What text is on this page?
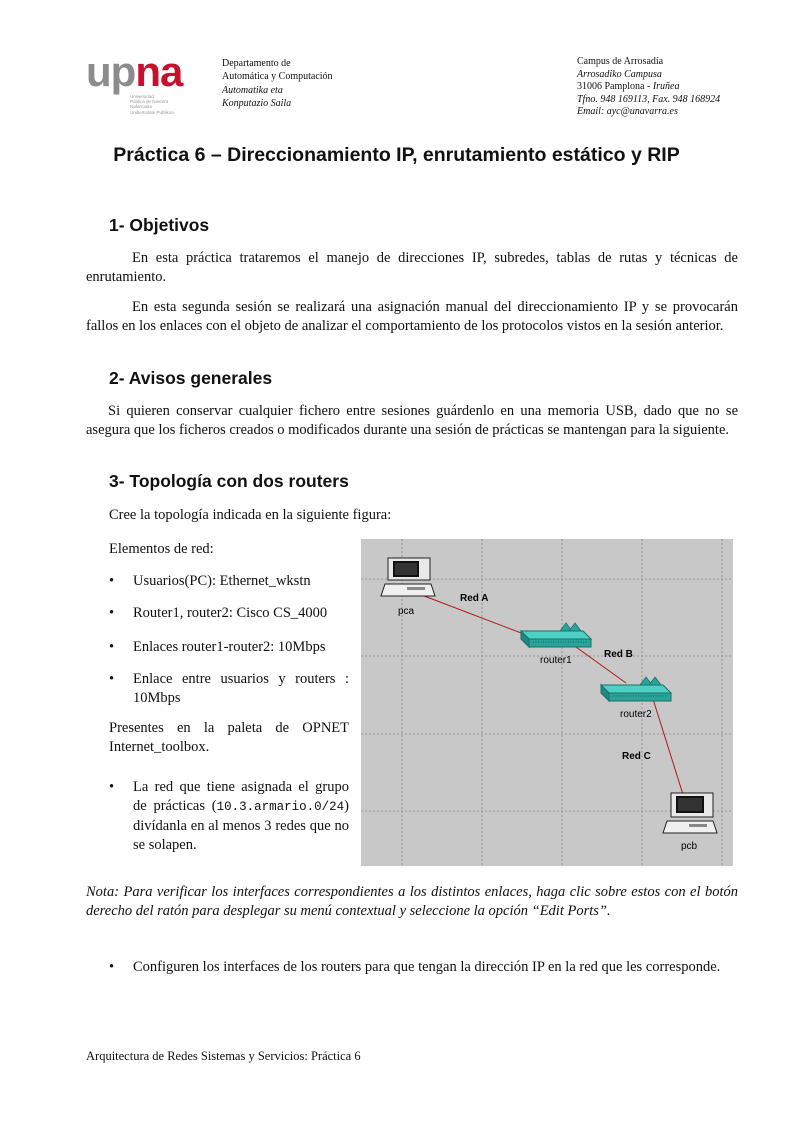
upna
Universidad
Pública de Navarra
Nafarroako
Unibertsitate Publikoa
Departamento de
Automática y Computación
Automatika eta
Konputazio Saila
Campus de Arrosadía
Arrosadiko Campusa
31006 Pamplona - Iruñea
Tfno. 948 169113, Fax. 948 168924
Email: ayc@unavarra.es
Práctica 6 – Direccionamiento IP, enrutamiento estático y RIP
1- Objetivos
En esta práctica trataremos el manejo de direcciones IP, subredes, tablas de rutas y técnicas de enrutamiento.
En esta segunda sesión se realizará una asignación manual del direccionamiento IP y se provocarán fallos en los enlaces con el objeto de analizar el comportamiento de los protocolos vistos en la sesión anterior.
2- Avisos generales
Si quieren conservar cualquier fichero entre sesiones guárdenlo en una memoria USB, dado que no se asegura que los ficheros creados o modificados durante una sesión de prácticas se mantengan para la siguiente.
3- Topología con dos routers
Cree la topología indicada en la siguiente figura:
Elementos de red:
• Usuarios(PC): Ethernet_wkstn
• Router1, router2: Cisco CS_4000
• Enlaces router1-router2: 10Mbps
• Enlace entre usuarios y routers : 10Mbps
Presentes en la paleta de OPNET Internet_toolbox.
• La red que tiene asignada el grupo de prácticas (10.3.armario.0/24) divídanla en al menos 3 redes que no se solapen.
pca
router1
router2
pcb
Red A
Red B
Red C
Nota: Para verificar los interfaces correspondientes a los distintos enlaces, haga clic sobre estos con el botón derecho del ratón para desplegar su menú contextual y seleccione la opción “Edit Ports”.
• Configuren los interfaces de los routers para que tengan la dirección IP en la red que les corresponde.
Arquitectura de Redes Sistemas y Servicios: Práctica 6
